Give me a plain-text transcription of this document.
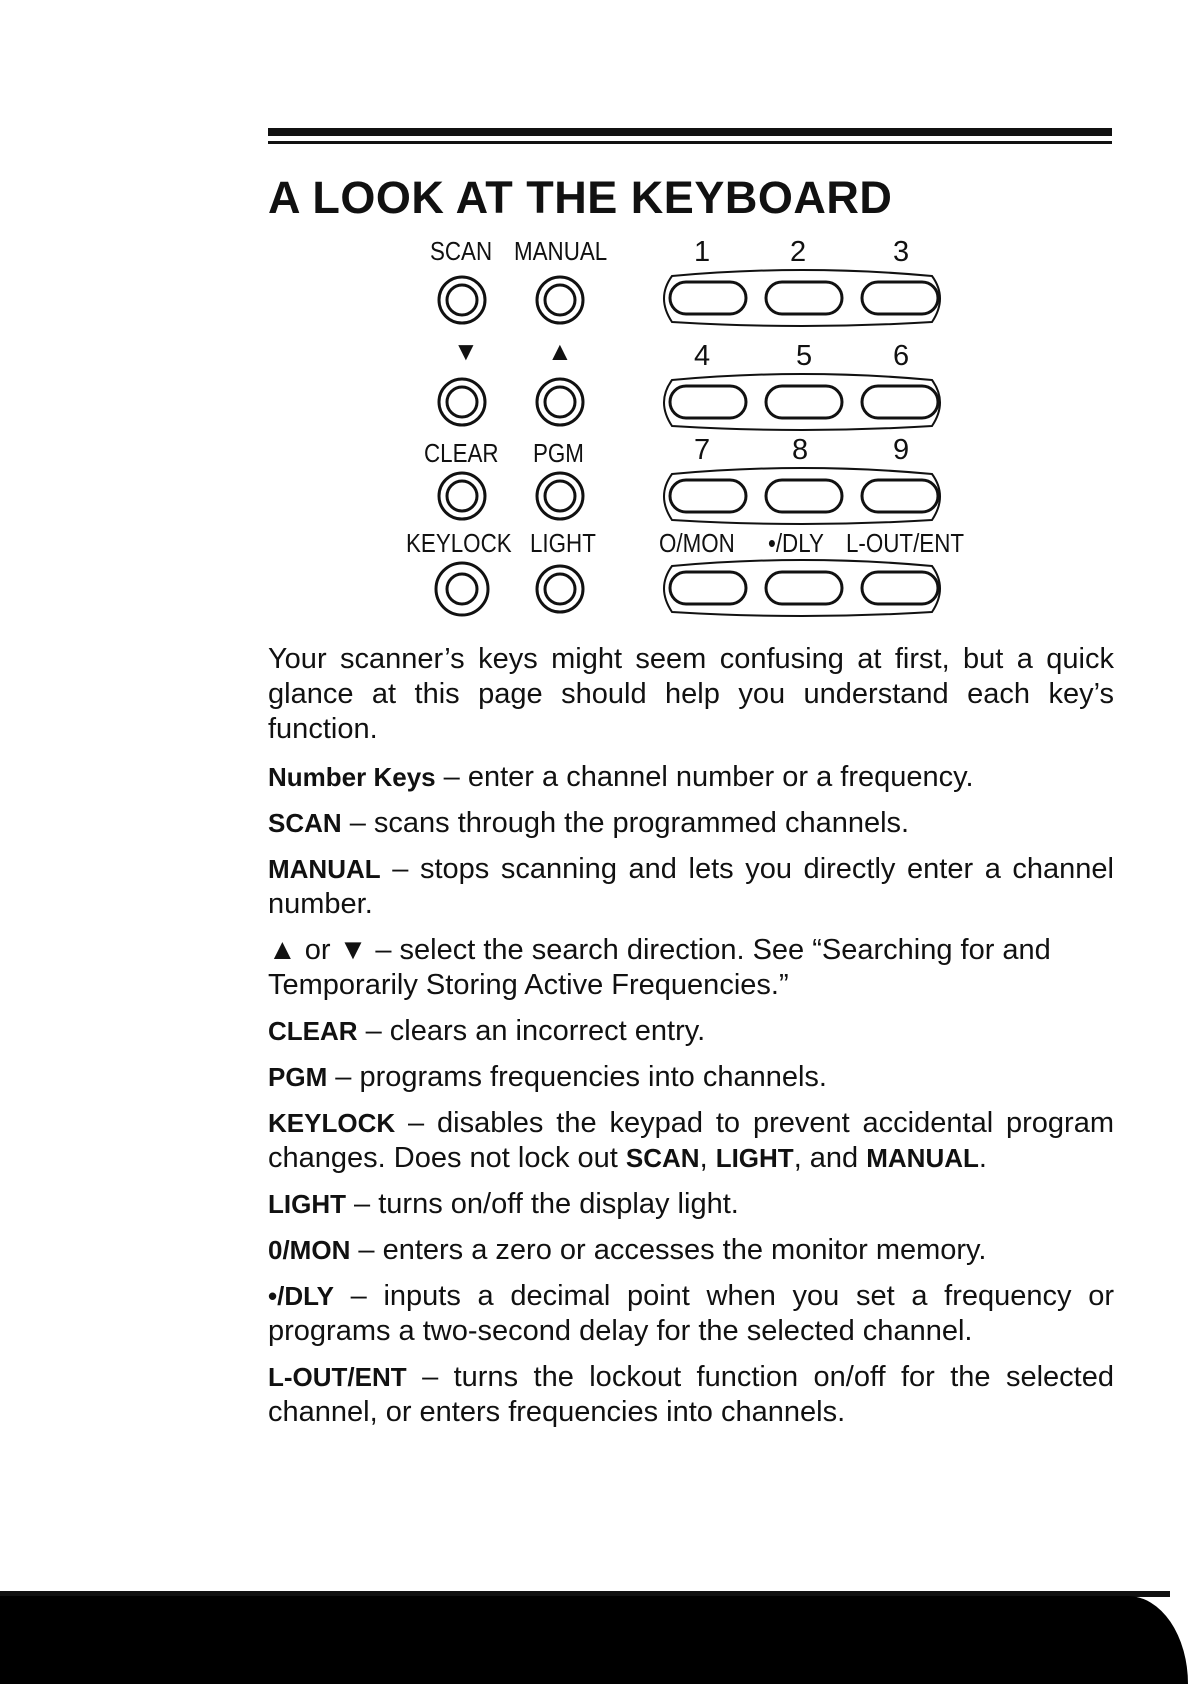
A LOOK AT THE KEYBOARD
SCAN MANUAL
▼	▲
CLEAR PGM
KEYLOCK LIGHT
1	2	3
4	5	6
7	8	9
O/MON •/DLY L-OUT/ENT

Your scanner’s keys might seem confusing at first, but a quick glance at this page should help you understand each key’s function.

Number Keys – enter a channel number or a frequency.

SCAN – scans through the programmed channels.

MANUAL – stops scanning and lets you directly enter a channel number.

▲ or ▼ – select the search direction. See “Searching for and Temporarily Storing Active Frequencies.”

CLEAR – clears an incorrect entry.

PGM – programs frequencies into channels.

KEYLOCK – disables the keypad to prevent accidental program changes. Does not lock out SCAN, LIGHT, and MANUAL.

LIGHT – turns on/off the display light.

0/MON – enters a zero or accesses the monitor memory.

•/DLY – inputs a decimal point when you set a frequency or programs a two-second delay for the selected channel.

L-OUT/ENT – turns the lockout function on/off for the selected channel, or enters frequencies into channels.
